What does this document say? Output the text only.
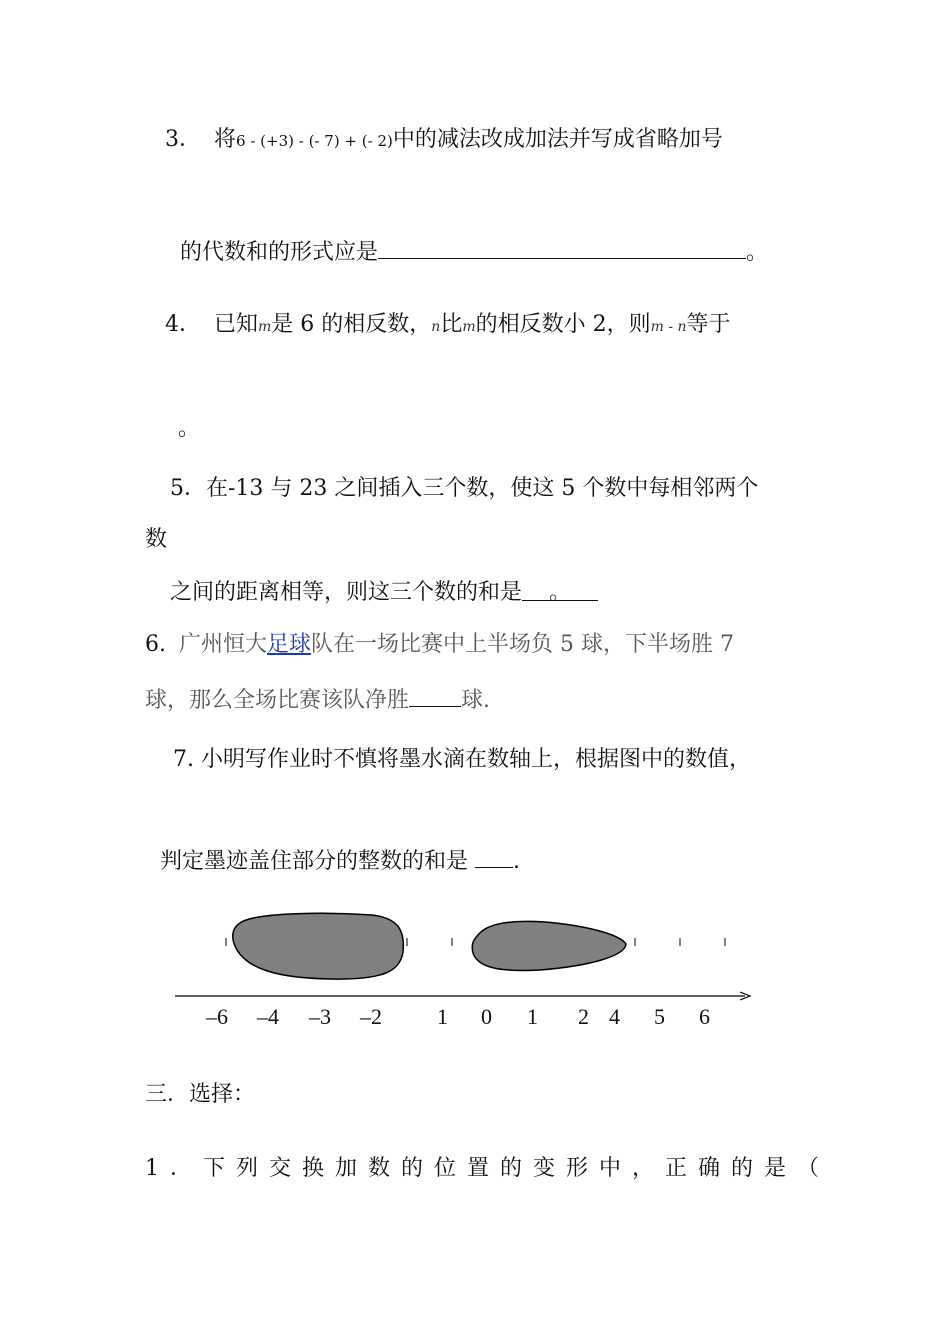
3． 将6 - (+3) - (- 7) + (- 2)中的减法改成加法并写成省略加号
的代数和的形式应是	。
4． 已知m是 6 的相反数，n比m的相反数小 2，则m - n等于
。
5．在-13 与 23 之间插入三个数，使这 5 个数中每相邻两个
数
之间的距离相等，则这三个数的和是 。
6. 广州恒大足球队在一场比赛中上半场负 5 球，下半场胜 7
球，那么全场比赛该队净胜 球.
7. 小明写作业时不慎将墨水滴在数轴上，根据图中的数值，
判定墨迹盖住部分的整数的和是 .
–6 –4 –3 –2	1 0 1 2 4 5 6
三．选择：
1．下列交换加数的位置的变形中，正确的是（
